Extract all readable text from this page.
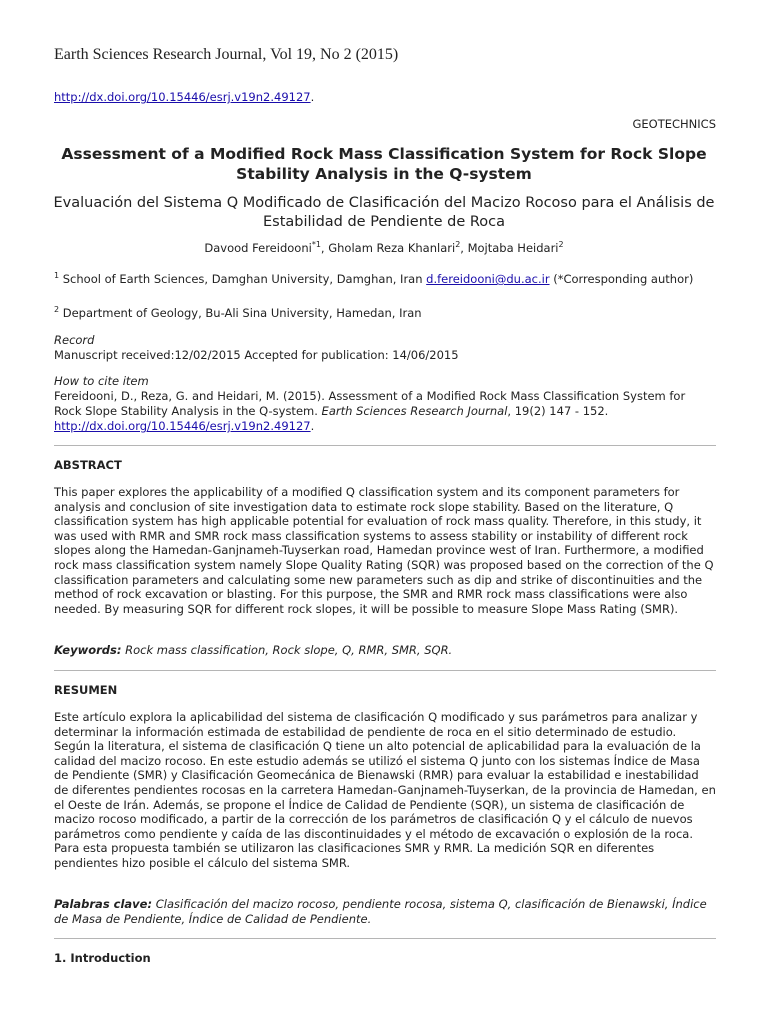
Earth Sciences Research Journal, Vol 19, No 2 (2015)
http://dx.doi.org/10.15446/esrj.v19n2.49127.
GEOTECHNICS
Assessment of a Modified Rock Mass Classification System for Rock Slope Stability Analysis in the Q-system
Evaluación del Sistema Q Modificado de Clasificación del Macizo Rocoso para el Análisis de Estabilidad de Pendiente de Roca
Davood Fereidooni$^{*1}$, Gholam Reza Khanlari$^2$, Mojtaba Heidari$^2$
$^1$ School of Earth Sciences, Damghan University, Damghan, Iran d.fereidooni@du.ac.ir (*Corresponding author)
$^2$ Department of Geology, Bu-Ali Sina University, Hamedan, Iran
Record
Manuscript received:12/02/2015 Accepted for publication: 14/06/2015
How to cite item
Fereidooni, D., Reza, G. and Heidari, M. (2015). Assessment of a Modified Rock Mass Classification System for Rock Slope Stability Analysis in the Q-system. Earth Sciences Research Journal, 19(2) 147 - 152. http://dx.doi.org/10.15446/esrj.v19n2.49127.
ABSTRACT
This paper explores the applicability of a modified Q classification system and its component parameters for analysis and conclusion of site investigation data to estimate rock slope stability. Based on the literature, Q classification system has high applicable potential for evaluation of rock mass quality. Therefore, in this study, it was used with RMR and SMR rock mass classification systems to assess stability or instability of different rock slopes along the Hamedan-Ganjnameh-Tuyserkan road, Hamedan province west of Iran. Furthermore, a modified rock mass classification system namely Slope Quality Rating (SQR) was proposed based on the correction of the Q classification parameters and calculating some new parameters such as dip and strike of discontinuities and the method of rock excavation or blasting. For this purpose, the SMR and RMR rock mass classifications were also needed. By measuring SQR for different rock slopes, it will be possible to measure Slope Mass Rating (SMR).
Keywords: Rock mass classification, Rock slope, Q, RMR, SMR, SQR.
RESUMEN
Este artículo explora la aplicabilidad del sistema de clasificación Q modificado y sus parámetros para analizar y determinar la información estimada de estabilidad de pendiente de roca en el sitio determinado de estudio. Según la literatura, el sistema de clasificación Q tiene un alto potencial de aplicabilidad para la evaluación de la calidad del macizo rocoso. En este estudio además se utilizó el sistema Q junto con los sistemas Índice de Masa de Pendiente (SMR) y Clasificación Geomecánica de Bienawski (RMR) para evaluar la estabilidad e inestabilidad de diferentes pendientes rocosas en la carretera Hamedan-Ganjnameh-Tuyserkan, de la provincia de Hamedan, en el Oeste de Irán. Además, se propone el Índice de Calidad de Pendiente (SQR), un sistema de clasificación de macizo rocoso modificado, a partir de la corrección de los parámetros de clasificación Q y el cálculo de nuevos parámetros como pendiente y caída de las discontinuidades y el método de excavación o explosión de la roca. Para esta propuesta también se utilizaron las clasificaciones SMR y RMR. La medición SQR en diferentes pendientes hizo posible el cálculo del sistema SMR.
Palabras clave: Clasificación del macizo rocoso, pendiente rocosa, sistema Q, clasificación de Bienawski, Índice de Masa de Pendiente, Índice de Calidad de Pendiente.
1. Introduction
